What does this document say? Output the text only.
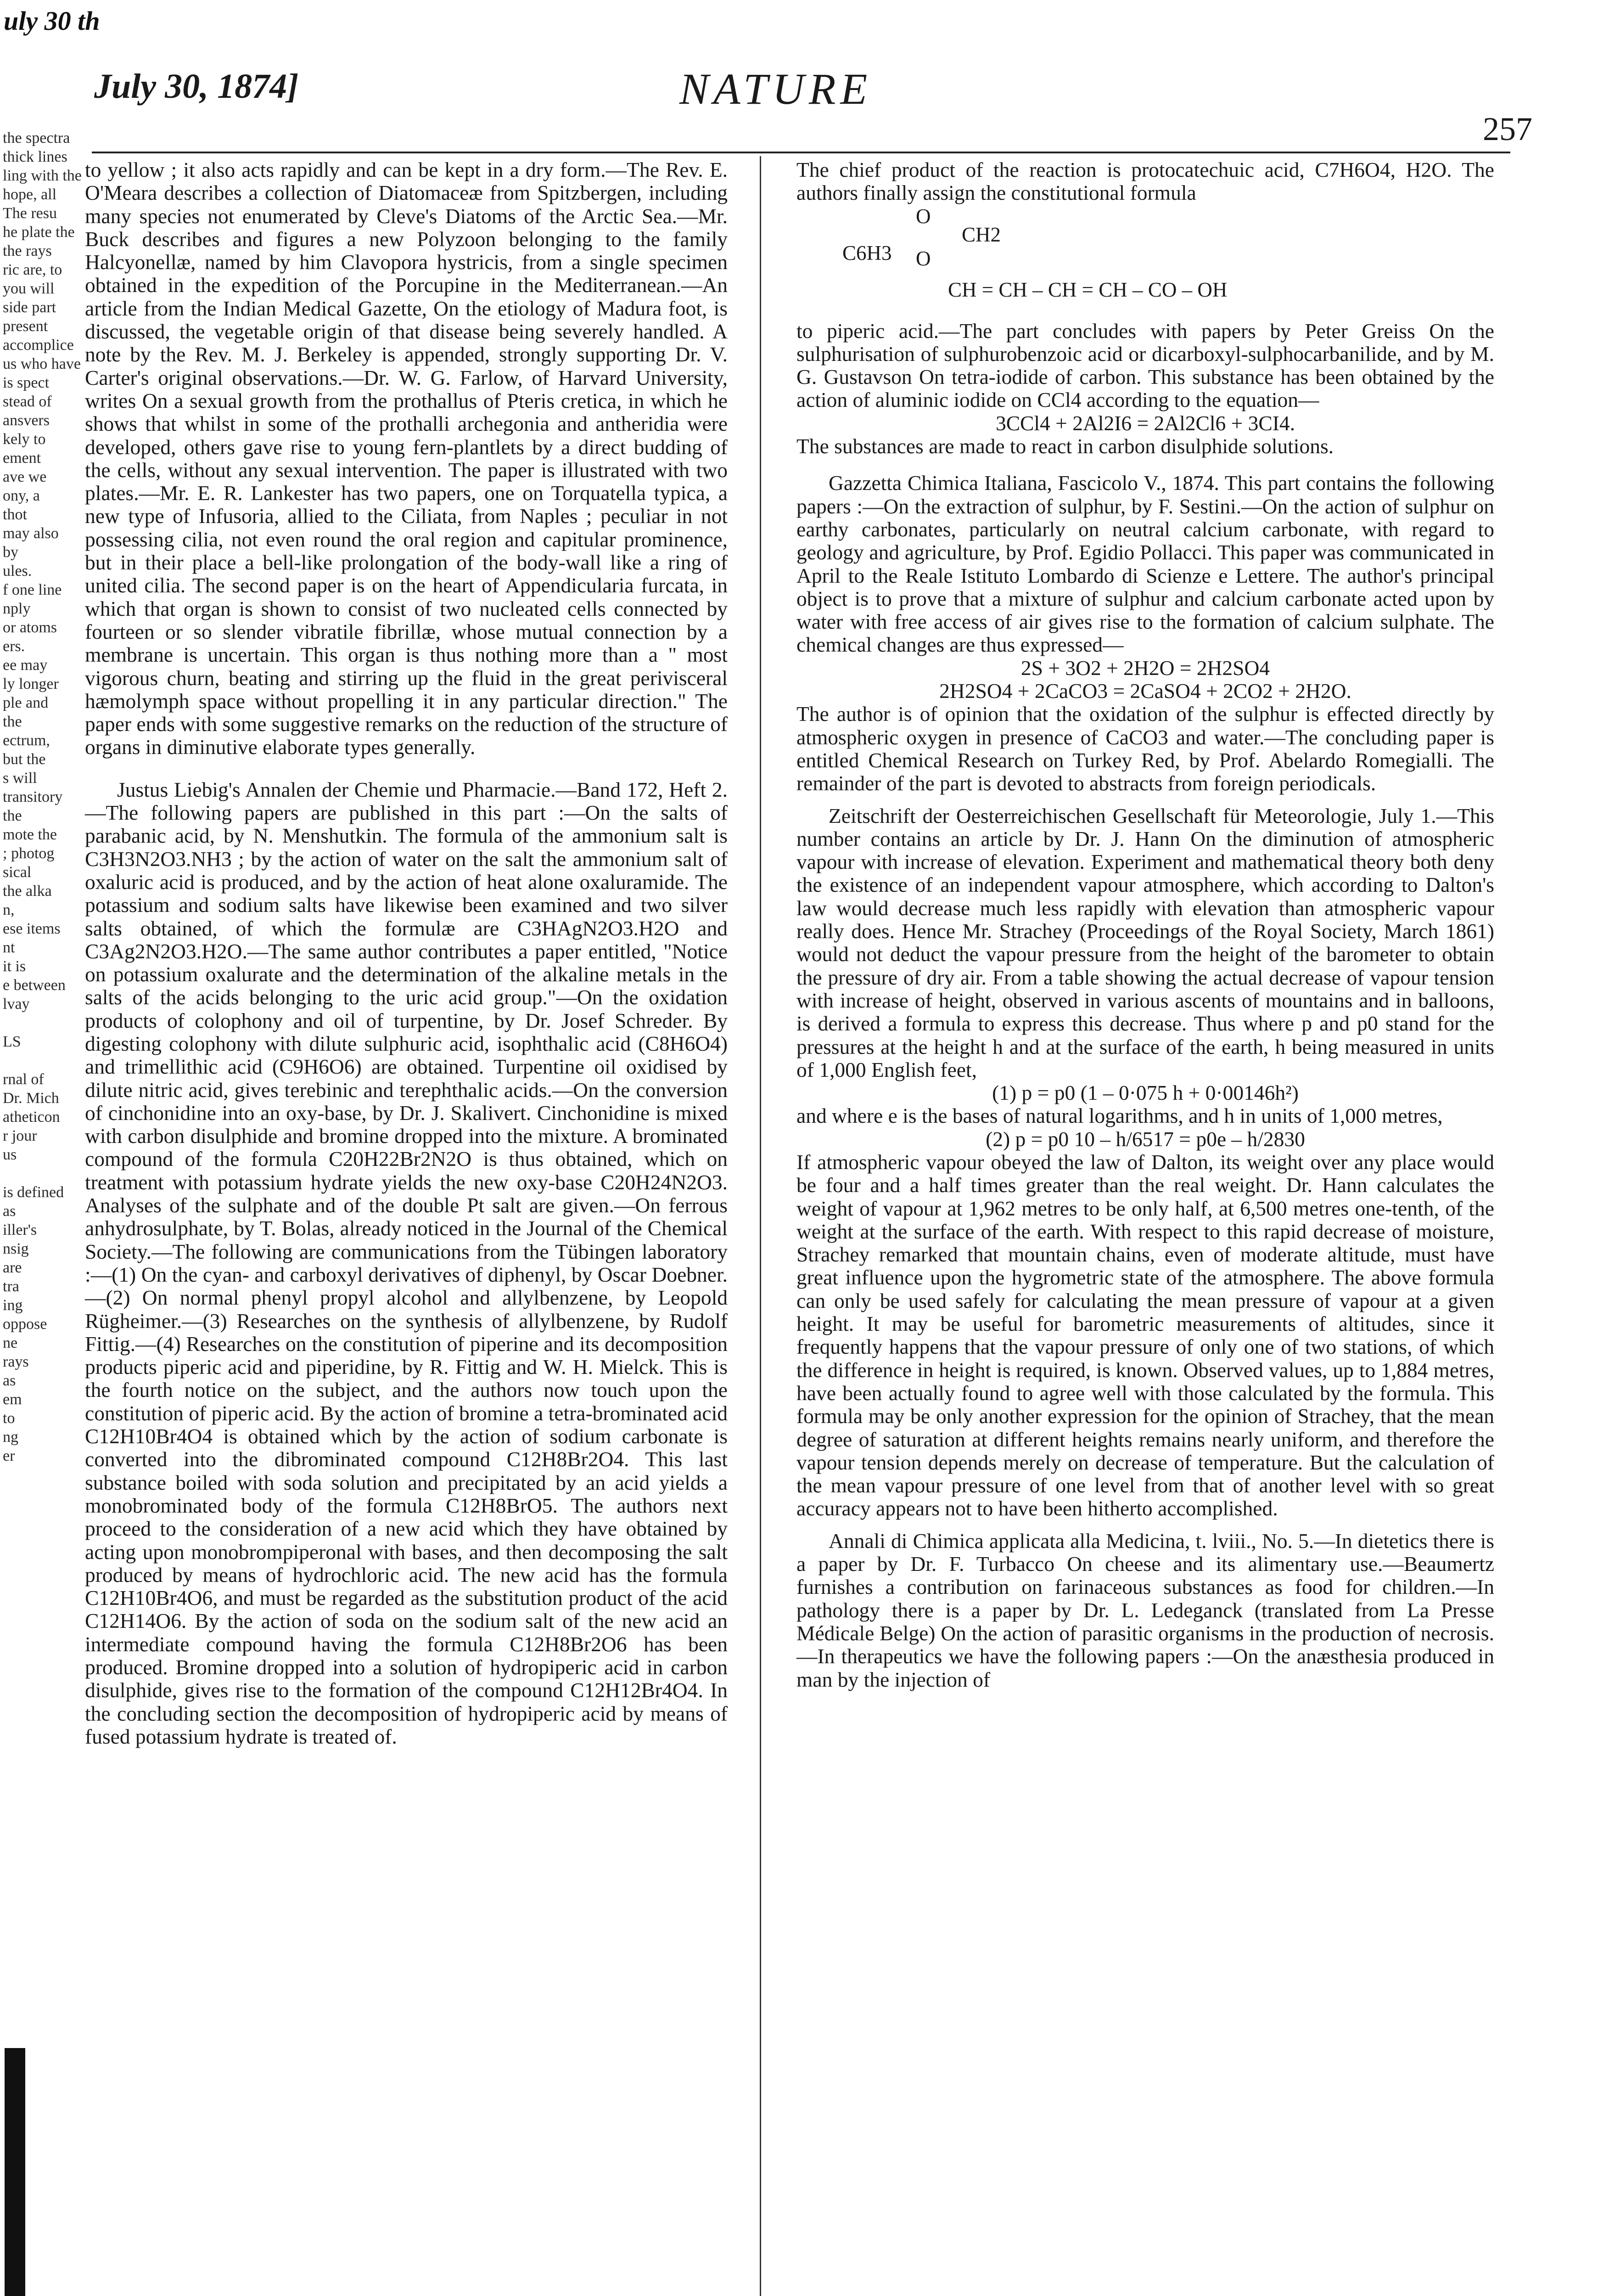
uly 30 th
the spectra
thick lines
ling with the
hope, all
The resu
he plate the
the rays
ric are, to
you will
side part
present
accomplice
us who have
is spect
stead of
ansvers
kely to
ement
ave we
ony, a
thot
may also
by
ules.
f one line
nply
or atoms
ers.
ee may
ly longer
ple and
the
ectrum,
but the
s will
transitory
the
mote the
; photog
sical
the alka
n,
ese items
nt
it is
e between
lvay

LS

rnal of
Dr. Mich
atheticon
r jour
us

is defined
as
iller's
nsig
are
tra
ing
oppose
ne
rays
as
em
to
ng
er
July 30, 1874]	NATURE
257

to yellow ; it also acts rapidly and can be kept in a dry form.—The Rev. E. O'Meara describes a collection of Diatomaceæ from Spitzbergen, including many species not enumerated by Cleve's Diatoms of the Arctic Sea.—Mr. Buck describes and figures a new Polyzoon belonging to the family Halcyonellæ, named by him Clavopora hystricis, from a single specimen obtained in the expedition of the Porcupine in the Mediterranean.—An article from the Indian Medical Gazette, On the etiology of Madura foot, is discussed, the vegetable origin of that disease being severely handled. A note by the Rev. M. J. Berkeley is appended, strongly supporting Dr. V. Carter's original observations.—Dr. W. G. Farlow, of Harvard University, writes On a sexual growth from the prothallus of Pteris cretica, in which he shows that whilst in some of the prothalli archegonia and antheridia were developed, others gave rise to young fern-plantlets by a direct budding of the cells, without any sexual intervention. The paper is illustrated with two plates.—Mr. E. R. Lankester has two papers, one on Torquatella typica, a new type of Infusoria, allied to the Ciliata, from Naples ; peculiar in not possessing cilia, not even round the oral region and capitular prominence, but in their place a bell-like prolongation of the body-wall like a ring of united cilia. The second paper is on the heart of Appendicularia furcata, in which that organ is shown to consist of two nucleated cells connected by fourteen or so slender vibratile fibrillæ, whose mutual connection by a membrane is uncertain. This organ is thus nothing more than a " most vigorous churn, beating and stirring up the fluid in the great perivisceral hæmolymph space without propelling it in any particular direction." The paper ends with some suggestive remarks on the reduction of the structure of organs in diminutive elaborate types generally.

Justus Liebig's Annalen der Chemie und Pharmacie.—Band 172, Heft 2.—The following papers are published in this part :—On the salts of parabanic acid, by N. Menshutkin. The formula of the ammonium salt is C3H3N2O3.NH3 ; by the action of water on the salt the ammonium salt of oxaluric acid is produced, and by the action of heat alone oxaluramide. The potassium and sodium salts have likewise been examined and two silver salts obtained, of which the formulæ are C3HAgN2O3.H2O and C3Ag2N2O3.H2O.—The same author contributes a paper entitled, "Notice on potassium oxalurate and the determination of the alkaline metals in the salts of the acids belonging to the uric acid group."—On the oxidation products of colophony and oil of turpentine, by Dr. Josef Schreder. By digesting colophony with dilute sulphuric acid, isophthalic acid (C8H6O4) and trimellithic acid (C9H6O6) are obtained. Turpentine oil oxidised by dilute nitric acid, gives terebinic and terephthalic acids.—On the conversion of cinchonidine into an oxy-base, by Dr. J. Skalivert. Cinchonidine is mixed with carbon disulphide and bromine dropped into the mixture. A brominated compound of the formula C20H22Br2N2O is thus obtained, which on treatment with potassium hydrate yields the new oxy-base C20H24N2O3. Analyses of the sulphate and of the double Pt salt are given.—On ferrous anhydrosulphate, by T. Bolas, already noticed in the Journal of the Chemical Society.—The following are communications from the Tübingen laboratory :—(1) On the cyan- and carboxyl derivatives of diphenyl, by Oscar Doebner.—(2) On normal phenyl propyl alcohol and allylbenzene, by Leopold Rügheimer.—(3) Researches on the synthesis of allylbenzene, by Rudolf Fittig.—(4) Researches on the constitution of piperine and its decomposition products piperic acid and piperidine, by R. Fittig and W. H. Mielck. This is the fourth notice on the subject, and the authors now touch upon the constitution of piperic acid. By the action of bromine a tetra-brominated acid C12H10Br4O4 is obtained which by the action of sodium carbonate is converted into the dibrominated compound C12H8Br2O4. This last substance boiled with soda solution and precipitated by an acid yields a monobrominated body of the formula C12H8BrO5. The authors next proceed to the consideration of a new acid which they have obtained by acting upon monobrompiperonal with bases, and then decomposing the salt produced by means of hydrochloric acid. The new acid has the formula C12H10Br4O6, and must be regarded as the substitution product of the acid C12H14O6. By the action of soda on the sodium salt of the new acid an intermediate compound having the formula C12H8Br2O6 has been produced. Bromine dropped into a solution of hydropiperic acid in carbon disulphide, gives rise to the formation of the compound C12H12Br4O4. In the concluding section the decomposition of hydropiperic acid by means of fused potassium hydrate is treated of.

The chief product of the reaction is protocatechuic acid, C7H6O4, H2O. The authors finally assign the constitutional formula

O
CH2
C6H3 O
CH = CH – CH = CH – CO – OH

to piperic acid.—The part concludes with papers by Peter Greiss On the sulphurisation of sulphurobenzoic acid or dicarboxyl-sulphocarbanilide, and by M. G. Gustavson On tetra-iodide of carbon. This substance has been obtained by the action of aluminic iodide on CCl4 according to the equation—

3CCl4 + 2Al2I6 = 2Al2Cl6 + 3CI4.

The substances are made to react in carbon disulphide solutions.

Gazzetta Chimica Italiana, Fascicolo V., 1874. This part contains the following papers :—On the extraction of sulphur, by F. Sestini.—On the action of sulphur on earthy carbonates, particularly on neutral calcium carbonate, with regard to geology and agriculture, by Prof. Egidio Pollacci. This paper was communicated in April to the Reale Istituto Lombardo di Scienze e Lettere. The author's principal object is to prove that a mixture of sulphur and calcium carbonate acted upon by water with free access of air gives rise to the formation of calcium sulphate. The chemical changes are thus expressed—

2S + 3O2 + 2H2O = 2H2SO4

2H2SO4 + 2CaCO3 = 2CaSO4 + 2CO2 + 2H2O.

The author is of opinion that the oxidation of the sulphur is effected directly by atmospheric oxygen in presence of CaCO3 and water.—The concluding paper is entitled Chemical Research on Turkey Red, by Prof. Abelardo Romegialli. The remainder of the part is devoted to abstracts from foreign periodicals.

Zeitschrift der Oesterreichischen Gesellschaft für Meteorologie, July 1.—This number contains an article by Dr. J. Hann On the diminution of atmospheric vapour with increase of elevation. Experiment and mathematical theory both deny the existence of an independent vapour atmosphere, which according to Dalton's law would decrease much less rapidly with elevation than atmospheric vapour really does. Hence Mr. Strachey (Proceedings of the Royal Society, March 1861) would not deduct the vapour pressure from the height of the barometer to obtain the pressure of dry air. From a table showing the actual decrease of vapour tension with increase of height, observed in various ascents of mountains and in balloons, is derived a formula to express this decrease. Thus where p and p0 stand for the pressures at the height h and at the surface of the earth, h being measured in units of 1,000 English feet,

(1) p = p0 (1 – 0·075 h + 0·00146h²)

and where e is the bases of natural logarithms, and h in units of 1,000 metres,

(2) p = p0 10 – h/6517 = p0e – h/2830

If atmospheric vapour obeyed the law of Dalton, its weight over any place would be four and a half times greater than the real weight. Dr. Hann calculates the weight of vapour at 1,962 metres to be only half, at 6,500 metres one-tenth, of the weight at the surface of the earth. With respect to this rapid decrease of moisture, Strachey remarked that mountain chains, even of moderate altitude, must have great influence upon the hygrometric state of the atmosphere. The above formula can only be used safely for calculating the mean pressure of vapour at a given height. It may be useful for barometric measurements of altitudes, since it frequently happens that the vapour pressure of only one of two stations, of which the difference in height is required, is known. Observed values, up to 1,884 metres, have been actually found to agree well with those calculated by the formula. This formula may be only another expression for the opinion of Strachey, that the mean degree of saturation at different heights remains nearly uniform, and therefore the vapour tension depends merely on decrease of temperature. But the calculation of the mean vapour pressure of one level from that of another level with so great accuracy appears not to have been hitherto accomplished.

Annali di Chimica applicata alla Medicina, t. lviii., No. 5.—In dietetics there is a paper by Dr. F. Turbacco On cheese and its alimentary use.—Beaumertz furnishes a contribution on farinaceous substances as food for children.—In pathology there is a paper by Dr. L. Ledeganck (translated from La Presse Médicale Belge) On the action of parasitic organisms in the production of necrosis.—In therapeutics we have the following papers :—On the anæsthesia produced in man by the injection of
